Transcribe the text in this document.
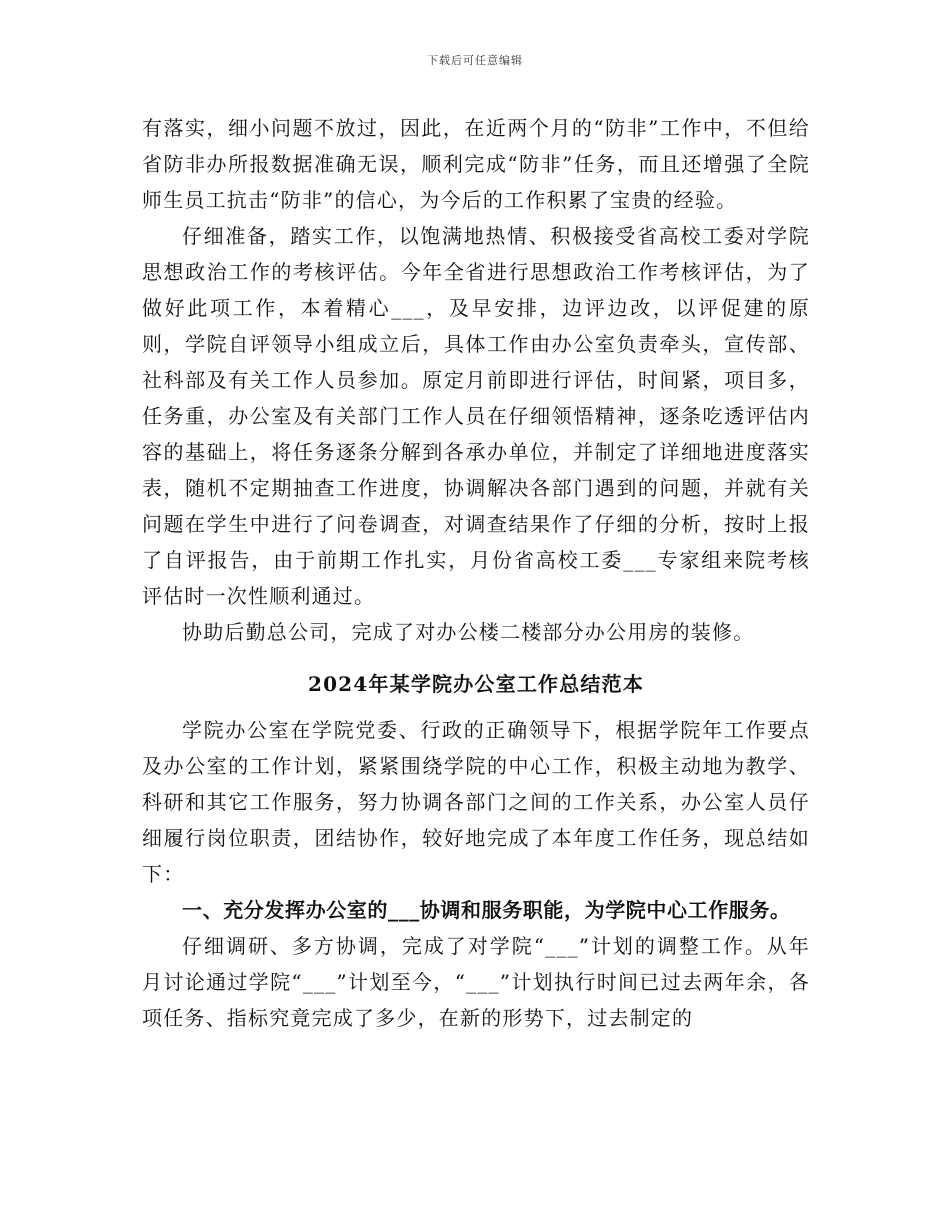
下载后可任意编辑

有落实，细小问题不放过，因此，在近两个月的“防非”工作中，不但给省防非办所报数据准确无误，顺利完成“防非”任务，而且还增强了全院师生员工抗击“防非”的信心，为今后的工作积累了宝贵的经验。

仔细准备，踏实工作，以饱满地热情、积极接受省高校工委对学院思想政治工作的考核评估。今年全省进行思想政治工作考核评估，为了做好此项工作，本着精心___，及早安排，边评边改，以评促建的原则，学院自评领导小组成立后，具体工作由办公室负责牵头，宣传部、社科部及有关工作人员参加。原定月前即进行评估，时间紧，项目多，任务重，办公室及有关部门工作人员在仔细领悟精神，逐条吃透评估内容的基础上，将任务逐条分解到各承办单位，并制定了详细地进度落实表，随机不定期抽查工作进度，协调解决各部门遇到的问题，并就有关问题在学生中进行了问卷调查，对调查结果作了仔细的分析，按时上报了自评报告，由于前期工作扎实，月份省高校工委___专家组来院考核评估时一次性顺利通过。

协助后勤总公司，完成了对办公楼二楼部分办公用房的装修。

2024年某学院办公室工作总结范本

学院办公室在学院党委、行政的正确领导下，根据学院年工作要点及办公室的工作计划，紧紧围绕学院的中心工作，积极主动地为教学、科研和其它工作服务，努力协调各部门之间的工作关系，办公室人员仔细履行岗位职责，团结协作，较好地完成了本年度工作任务，现总结如下：

一、充分发挥办公室的___协调和服务职能，为学院中心工作服务。

仔细调研、多方协调，完成了对学院“___”计划的调整工作。从年月讨论通过学院“___”计划至今，“___”计划执行时间已过去两年余，各项任务、指标究竟完成了多少，在新的形势下，过去制定的
